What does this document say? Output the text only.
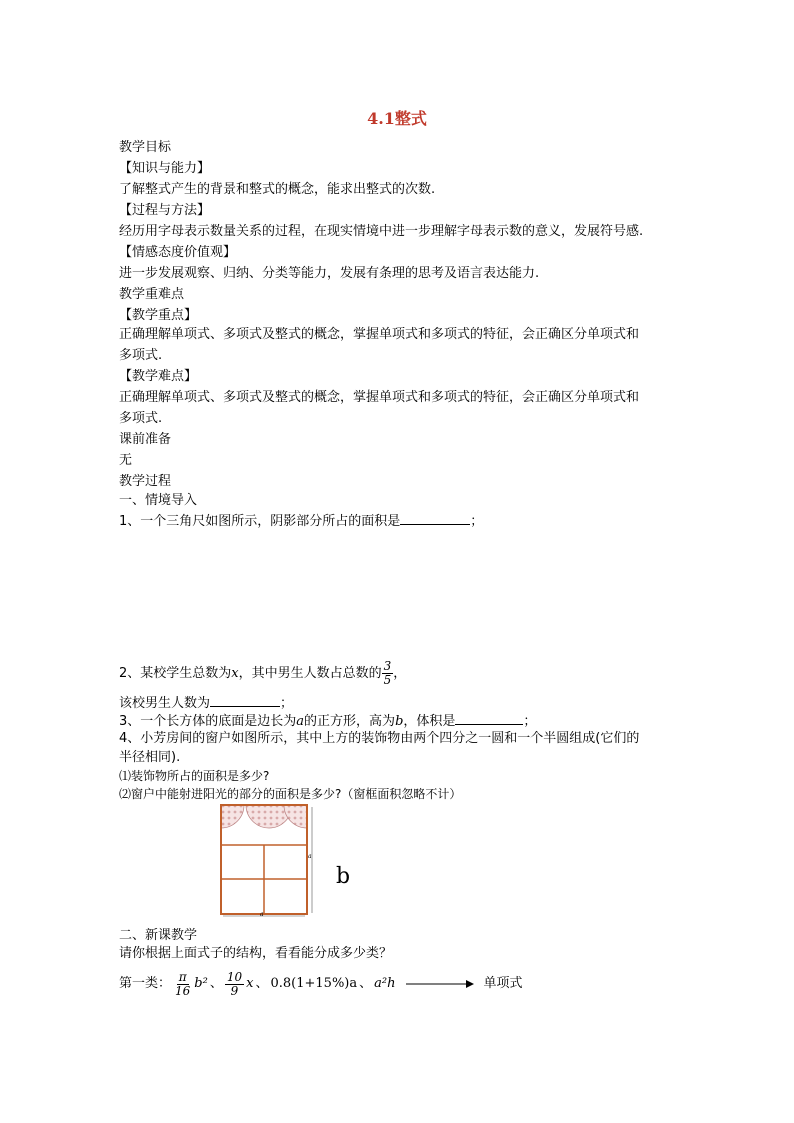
4.1整式
教学目标
【知识与能力】
了解整式产生的背景和整式的概念，能求出整式的次数.
【过程与方法】
经历用字母表示数量关系的过程，在现实情境中进一步理解字母表示数的意义，发展符号感.
【情感态度价值观】
进一步发展观察、归纳、分类等能力，发展有条理的思考及语言表达能力.
教学重难点
【教学重点】
正确理解单项式、多项式及整式的概念，掌握单项式和多项式的特征，会正确区分单项式和
多项式.
【教学难点】
正确理解单项式、多项式及整式的概念，掌握单项式和多项式的特征，会正确区分单项式和
多项式.
课前准备
无
教学过程
一、情境导入
1、一个三角尺如图所示，阴影部分所占的面积是	；
2、某校学生总数为x，其中男生人数占总数的 $\frac{3}{5}$ ，
该校男生人数为	；
3、一个长方体的底面是边长为a的正方形，高为b，体积是	；
4、小芳房间的窗户如图所示，其中上方的装饰物由两个四分之一圆和一个半圆组成(它们的
半径相同).
⑴装饰物所占的面积是多少?
⑵窗户中能射进阳光的部分的面积是多少?（窗框面积忽略不计）
a
a
b
二、新课教学
请你根据上面式子的结构，看看能分成多少类？
第一类： $\frac{\pi}{16} b^2$ 、 $\frac{10}{9}$ x 、 0.8(1+15%)a 、 a²h	单项式
